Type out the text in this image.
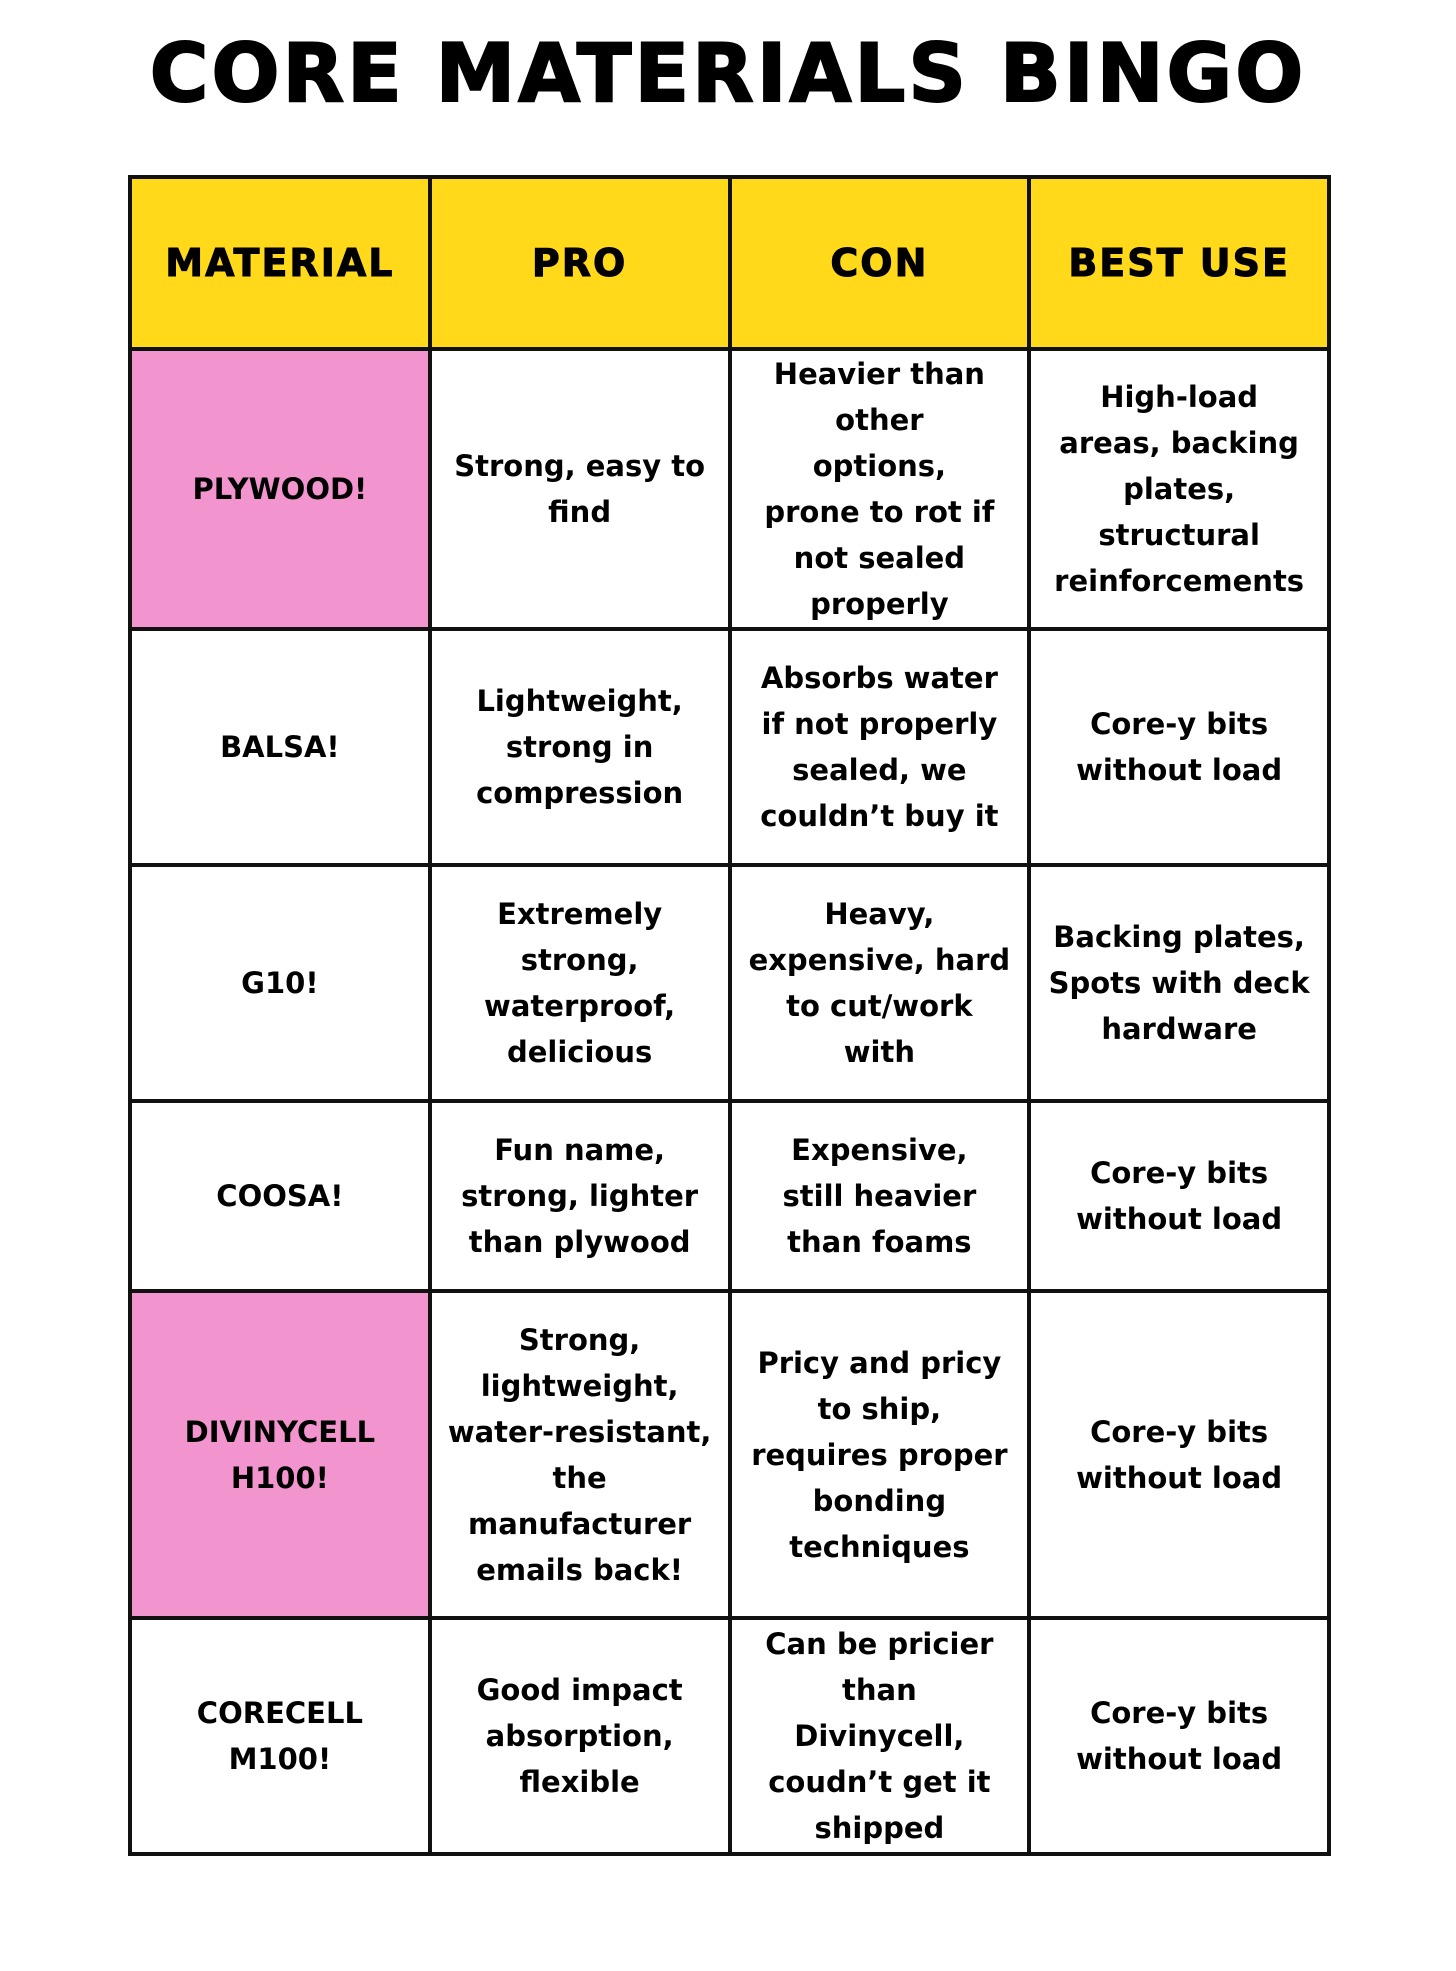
CORE MATERIALS BINGO
MATERIAL	PRO	CON	BEST USE

PLYWOOD!	Strong, easy to find	Heavier than other options, prone to rot if not sealed properly	High-load areas, backing plates, structural reinforcements

BALSA!	Lightweight, strong in compression	Absorbs water if not properly sealed, we couldn’t buy it	Core-y bits without load

G10!	Extremely strong, waterproof, delicious	Heavy, expensive, hard to cut/work with	Backing plates, Spots with deck hardware

COOSA!	Fun name, strong, lighter than plywood	Expensive, still heavier than foams	Core-y bits without load

DIVINYCELL H100!	Strong, lightweight, water-resistant, the manufacturer emails back!	Pricy and pricy to ship, requires proper bonding techniques	Core-y bits without load

CORECELL M100!	Good impact absorption, flexible	Can be pricier than Divinycell, coudn’t get it shipped	Core-y bits without load
